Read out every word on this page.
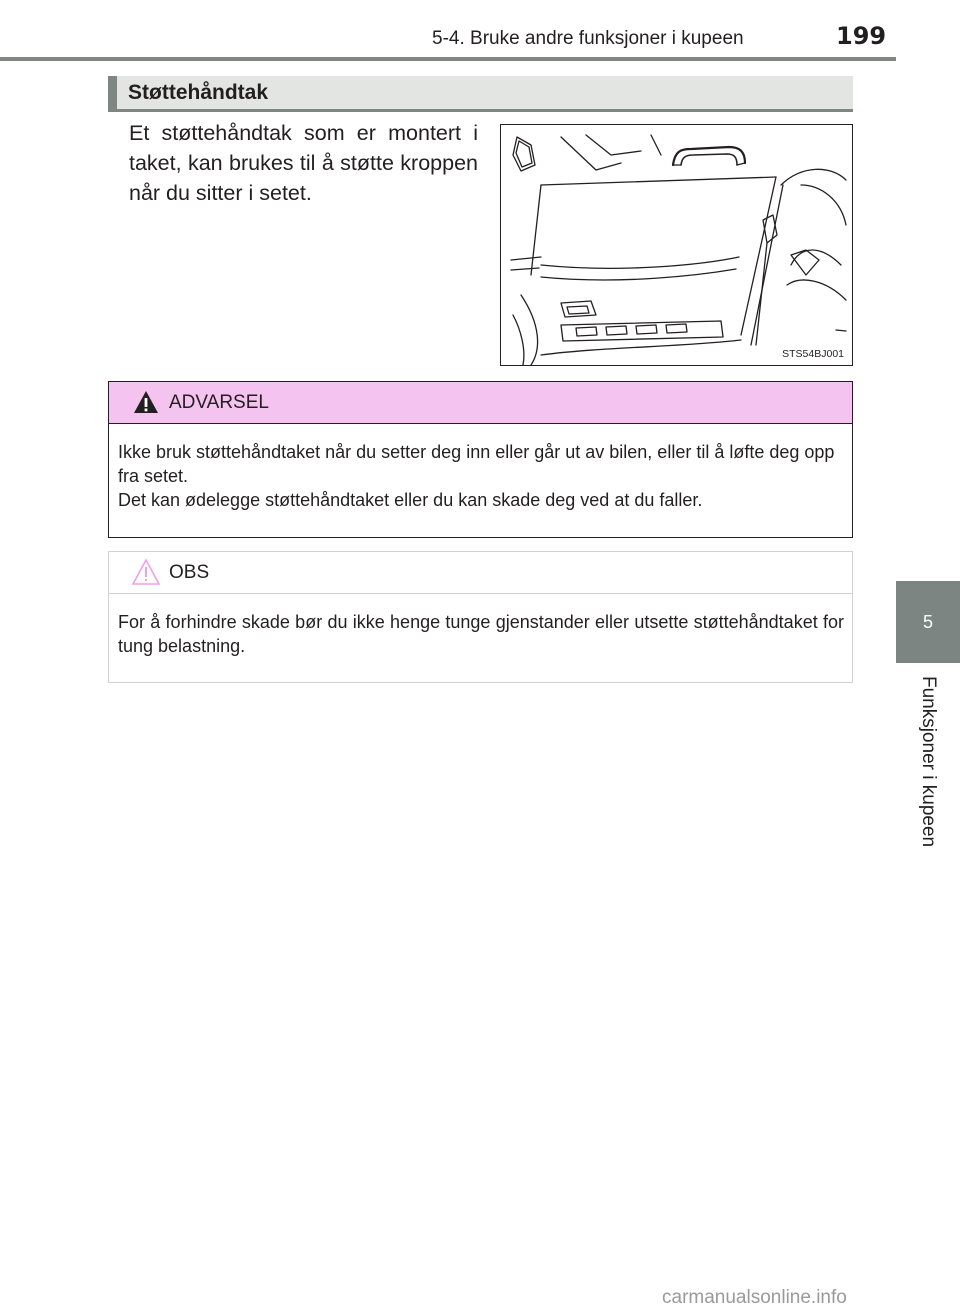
5-4. Bruke andre funksjoner i kupeen	199
5
Funksjoner i kupeen
Støttehåndtak
Et støttehåndtak som er montert i taket, kan brukes til å støtte kroppen når du sitter i setet.
STS54BJ001
ADVARSEL
Ikke bruk støttehåndtaket når du setter deg inn eller går ut av bilen, eller til å løfte deg opp fra setet.
Det kan ødelegge støttehåndtaket eller du kan skade deg ved at du faller.
OBS
For å forhindre skade bør du ikke henge tunge gjenstander eller utsette støttehåndtaket for tung belastning.
carmanualsonline.info
